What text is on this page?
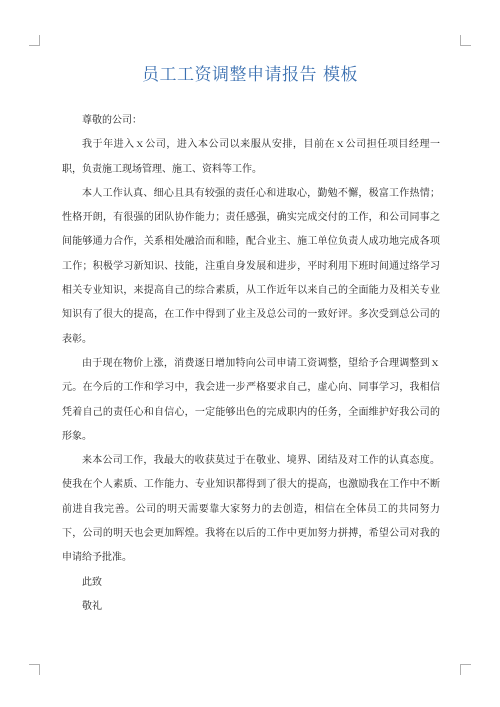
员工工资调整申请报告 模板

尊敬的公司：

我于年进入ｘ公司，进入本公司以来服从安排，目前在ｘ公司担任项目经理一职，负责施工现场管理、施工、资料等工作。

本人工作认真、细心且具有较强的责任心和进取心，勤勉不懈，极富工作热情；性格开朗，有很强的团队协作能力；责任感强，确实完成交付的工作，和公司同事之间能够通力合作，关系相处融洽而和睦，配合业主、施工单位负责人成功地完成各项工作；积极学习新知识、技能，注重自身发展和进步，平时利用下班时间通过络学习相关专业知识，来提高自己的综合素质，从工作近年以来自己的全面能力及相关专业知识有了很大的提高，在工作中得到了业主及总公司的一致好评。多次受到总公司的表彰。

由于现在物价上涨，消费逐日增加特向公司申请工资调整，望给予合理调整到ｘ元。在今后的工作和学习中，我会进一步严格要求自己，虚心向、同事学习，我相信凭着自己的责任心和自信心，一定能够出色的完成职内的任务，全面维护好我公司的形象。

来本公司工作，我最大的收获莫过于在敬业、境界、团结及对工作的认真态度。使我在个人素质、工作能力、专业知识都得到了很大的提高，也激励我在工作中不断前进自我完善。公司的明天需要靠大家努力的去创造，相信在全体员工的共同努力下，公司的明天也会更加辉煌。我将在以后的工作中更加努力拼搏，希望公司对我的申请给予批准。

此致

敬礼
